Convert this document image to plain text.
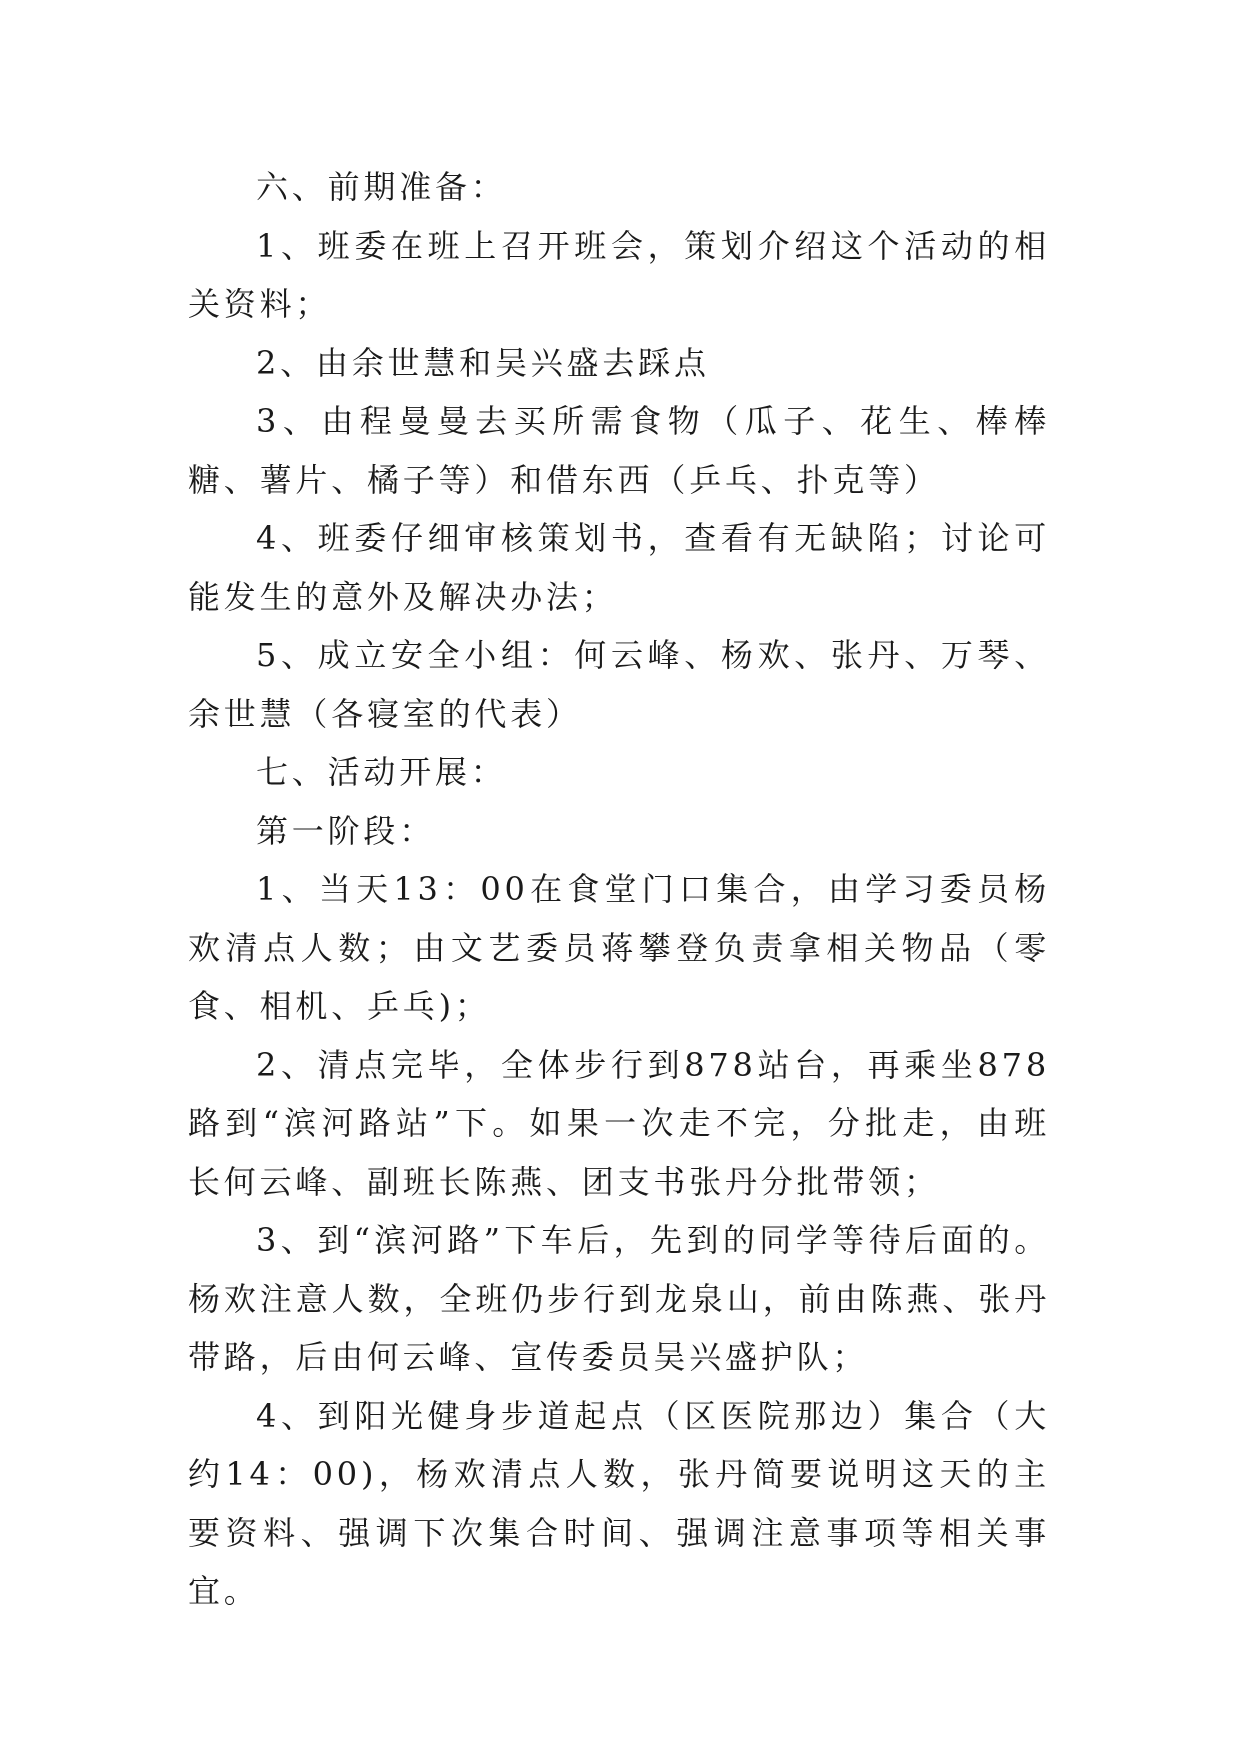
六、前期准备：

1、班委在班上召开班会，策划介绍这个活动的相关资料；

2、由余世慧和吴兴盛去踩点

3、由程曼曼去买所需食物（瓜子、花生、棒棒糖、薯片、橘子等）和借东西（乒乓、扑克等）

4、班委仔细审核策划书，查看有无缺陷；讨论可能发生的意外及解决办法；

5、成立安全小组：何云峰、杨欢、张丹、万琴、余世慧（各寝室的代表）

七、活动开展：

第一阶段：

1、当天13：00在食堂门口集合，由学习委员杨欢清点人数；由文艺委员蒋攀登负责拿相关物品（零食、相机、乒乓)；

2、清点完毕，全体步行到878站台，再乘坐878路到“滨河路站”下。如果一次走不完，分批走，由班长何云峰、副班长陈燕、团支书张丹分批带领；

3、到“滨河路”下车后，先到的同学等待后面的。杨欢注意人数，全班仍步行到龙泉山，前由陈燕、张丹带路，后由何云峰、宣传委员吴兴盛护队；

4、到阳光健身步道起点（区医院那边）集合（大约14：00)，杨欢清点人数，张丹简要说明这天的主要资料、强调下次集合时间、强调注意事项等相关事宜。
